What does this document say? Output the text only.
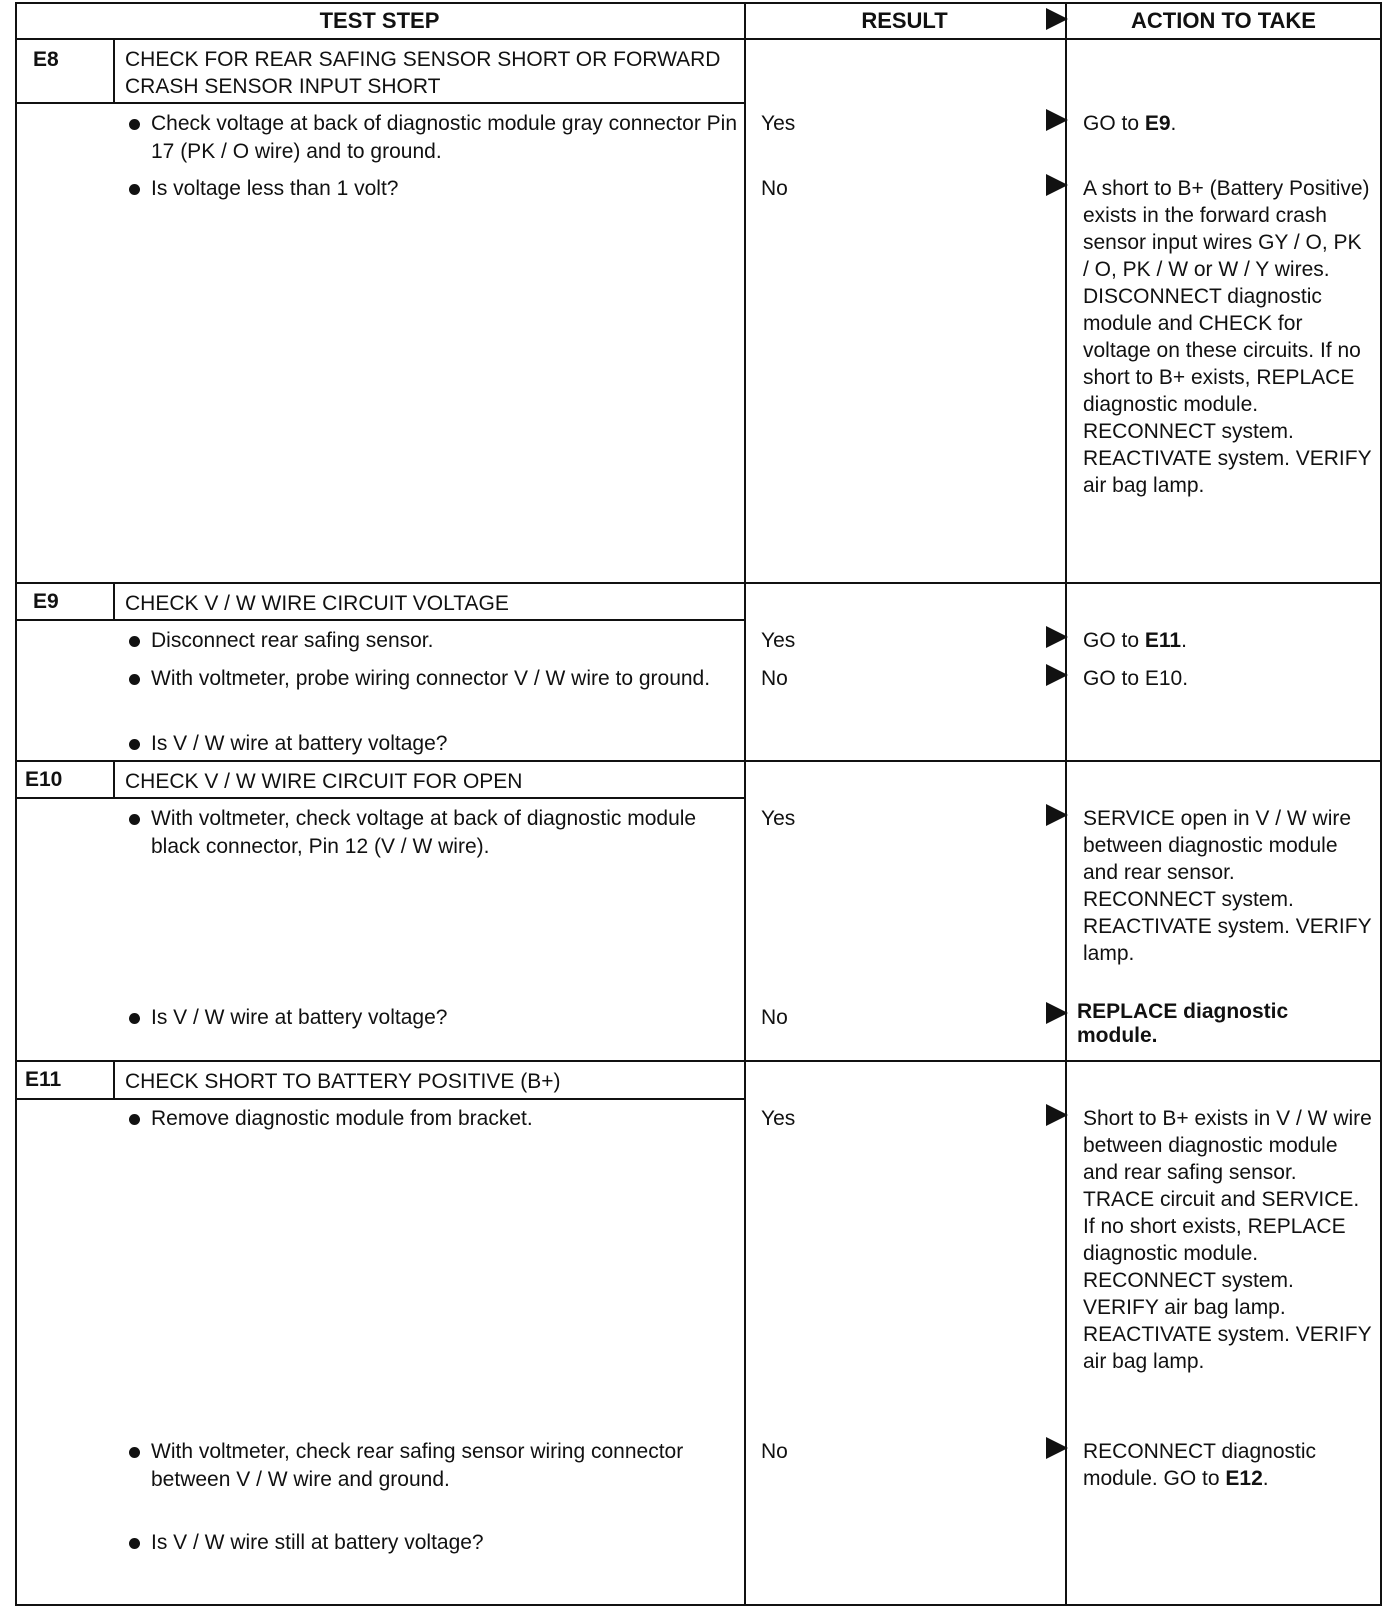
TEST STEP	RESULT	ACTION TO TAKE
E8	CHECK FOR REAR SAFING SENSOR SHORT OR FORWARD CRASH SENSOR INPUT SHORT
Check voltage at back of diagnostic module gray connector Pin 17 (PK / O wire) and to ground.
Is voltage less than 1 volt?
Yes	GO to E9.
No	A short to B+ (Battery Positive) exists in the forward crash sensor input wires GY / O, PK / O, PK / W or W / Y wires. DISCONNECT diagnostic module and CHECK for voltage on these circuits. If no short to B+ exists, REPLACE diagnostic module. RECONNECT system. REACTIVATE system. VERIFY air bag lamp.
E9	CHECK V / W WIRE CIRCUIT VOLTAGE
Disconnect rear safing sensor.
With voltmeter, probe wiring connector V / W wire to ground.
Is V / W wire at battery voltage?
Yes	GO to E11.
No	GO to E10.
E10	CHECK V / W WIRE CIRCUIT FOR OPEN
With voltmeter, check voltage at back of diagnostic module black connector, Pin 12 (V / W wire).
Is V / W wire at battery voltage?
Yes	SERVICE open in V / W wire between diagnostic module and rear sensor. RECONNECT system. REACTIVATE system. VERIFY lamp.
No	REPLACE diagnostic module.
E11	CHECK SHORT TO BATTERY POSITIVE (B+)
Remove diagnostic module from bracket.
With voltmeter, check rear safing sensor wiring connector between V / W wire and ground.
Is V / W wire still at battery voltage?
Yes	Short to B+ exists in V / W wire between diagnostic module and rear safing sensor. TRACE circuit and SERVICE. If no short exists, REPLACE diagnostic module. RECONNECT system. VERIFY air bag lamp. REACTIVATE system. VERIFY air bag lamp.
No	RECONNECT diagnostic module. GO to E12.
